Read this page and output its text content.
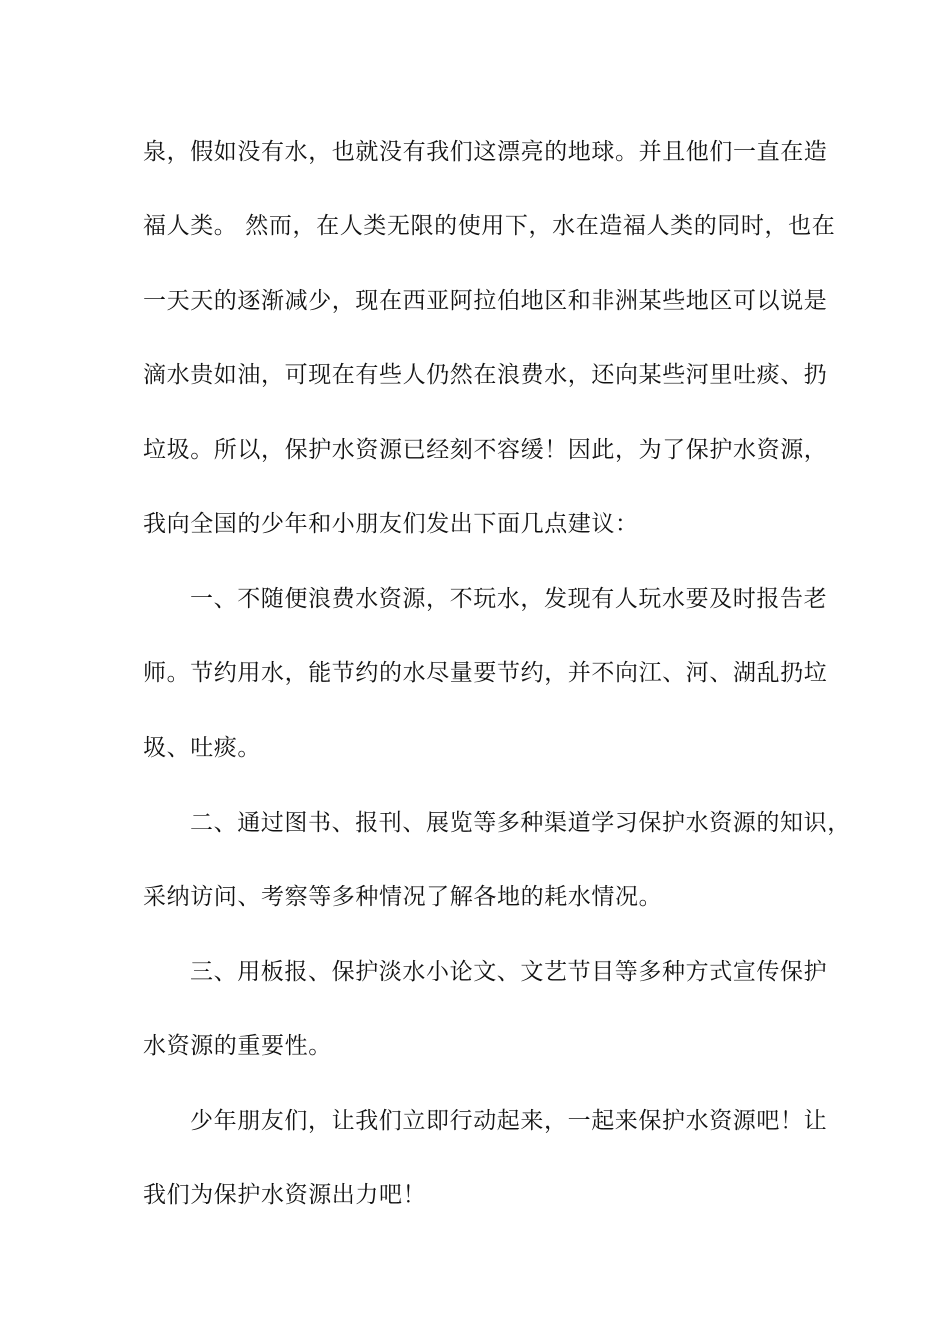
泉，假如没有水，也就没有我们这漂亮的地球。并且他们一直在造
福人类。 然而，在人类无限的使用下，水在造福人类的同时，也在
一天天的逐渐减少，现在西亚阿拉伯地区和非洲某些地区可以说是
滴水贵如油，可现在有些人仍然在浪费水，还向某些河里吐痰、扔
垃圾。所以，保护水资源已经刻不容缓！因此，为了保护水资源，
我向全国的少年和小朋友们发出下面几点建议：
一、不随便浪费水资源，不玩水，发现有人玩水要及时报告老
师。节约用水，能节约的水尽量要节约，并不向江、河、湖乱扔垃
圾、吐痰。
二、通过图书、报刊、展览等多种渠道学习保护水资源的知识，
采纳访问、考察等多种情况了解各地的耗水情况。
三、用板报、保护淡水小论文、文艺节目等多种方式宣传保护
水资源的重要性。
少年朋友们，让我们立即行动起来，一起来保护水资源吧！让
我们为保护水资源出力吧！
